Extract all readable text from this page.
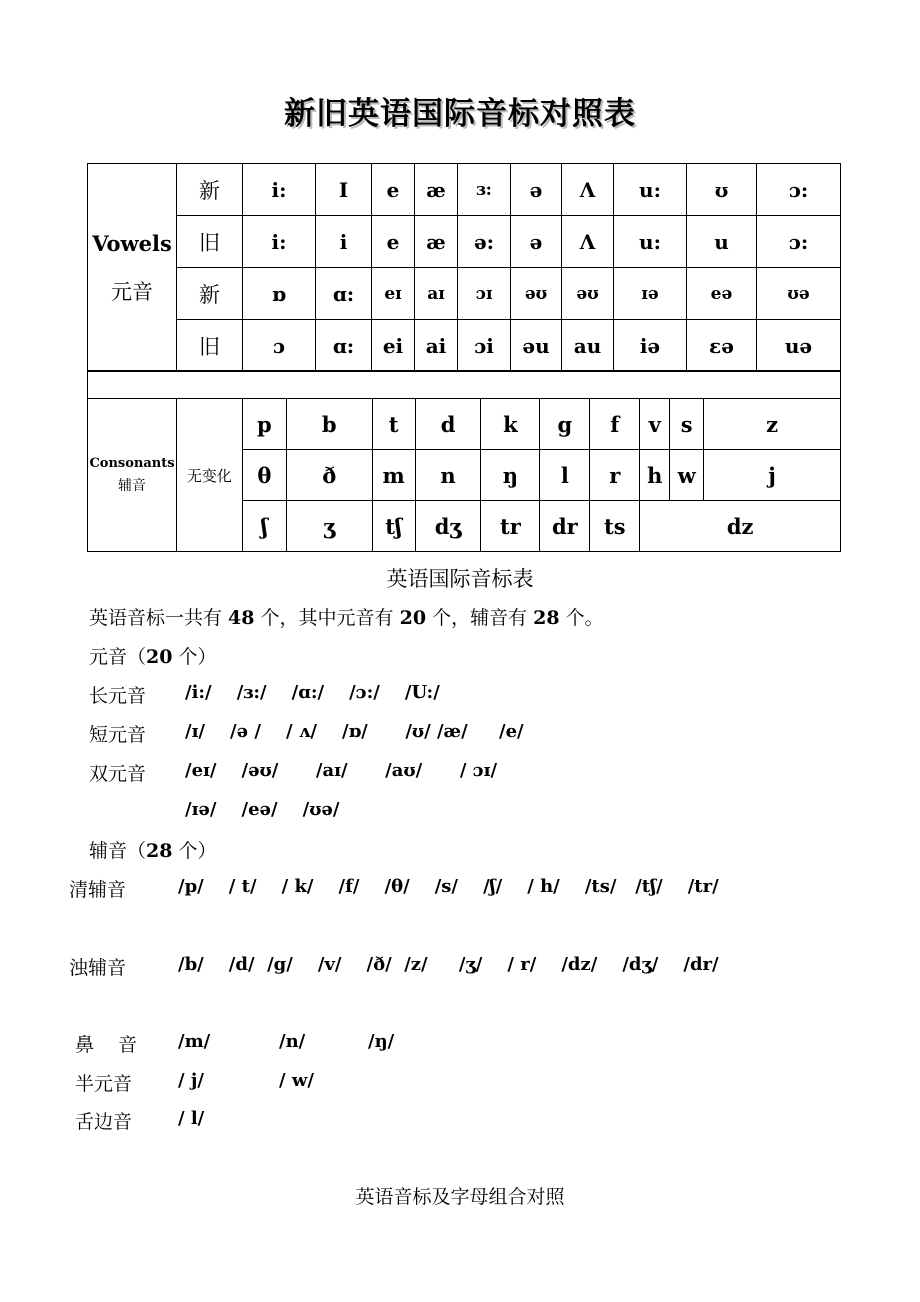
新旧英语国际音标对照表
Vowels
元音	新	i:	I	e	æ	ɜ:	ə	Λ	u:	ʊ	ɔ:
	旧	i:	i	e	æ	ə:	ə	Λ	u:	u	ɔ:
	新	ɒ	ɑ:	eɪ	aɪ	ɔɪ	əʊ	əʊ	ɪə	eə	ʊə
	旧	ɔ	ɑ:	ei	ai	ɔi	əu	au	iə	εə	uə
Consonants
辅音	无变化	p	b	t	d	k	g	f	v	s	z
		θ	ð	m	n	ŋ	l	r	h	w	j
		ʃ	ʒ	tʃ	dʒ	tr	dr	ts	dz		
英语国际音标表
英语音标一共有 48 个，其中元音有 20 个，辅音有 28 个。
元音（20 个）
长元音 /i:/    /ɜ:/    /ɑ:/    /ɔ:/    /U:/
短元音 /ɪ/    /ə /    / ʌ/    /ɒ/      /ʊ/ /æ/     /e/
双元音 /eɪ/    /əʊ/      /aɪ/      /aʊ/      / ɔɪ/
/ɪə/    /eə/    /ʊə/
辅音（28 个）
清辅音	/p/    / t/    / k/    /f/    /θ/    /s/    /ʃ/    / h/    /ts/   /tʃ/    /tr/
浊辅音	/b/    /d/  /g/    /v/    /ð/  /z/     /ʒ/    / r/    /dz/    /dʒ/    /dr/
鼻    音 /m/	/n/	/ŋ/
半元音	/ j/	/ w/
舌边音	/ l/
英语音标及字母组合对照
